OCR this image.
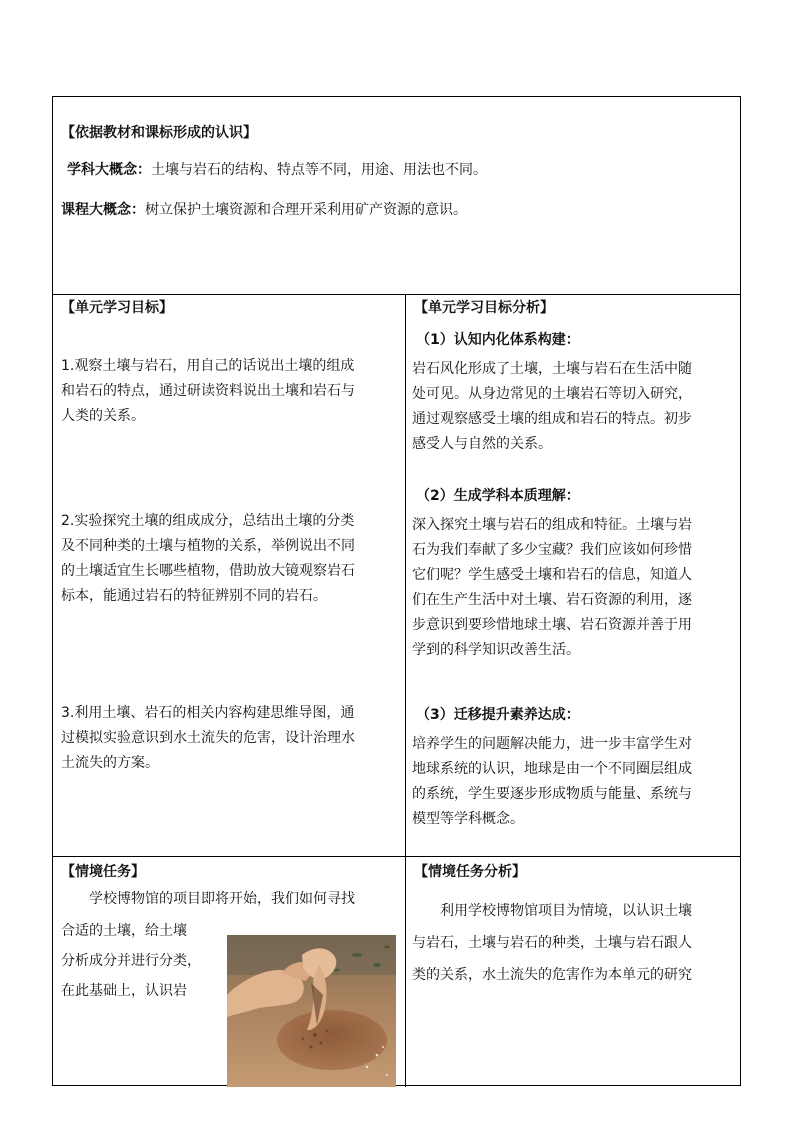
【依据教材和课标形成的认识】
学科大概念：土壤与岩石的结构、特点等不同，用途、用法也不同。
课程大概念：树立保护土壤资源和合理开采利用矿产资源的意识。
【单元学习目标】
1.观察土壤与岩石，用自己的话说出土壤的组成
和岩石的特点，通过研读资料说出土壤和岩石与
人类的关系。
2.实验探究土壤的组成成分，总结出土壤的分类
及不同种类的土壤与植物的关系，举例说出不同
的土壤适宜生长哪些植物，借助放大镜观察岩石
标本，能通过岩石的特征辨别不同的岩石。
3.利用土壤、岩石的相关内容构建思维导图，通
过模拟实验意识到水土流失的危害，设计治理水
土流失的方案。
【单元学习目标分析】
（1）认知内化体系构建：
岩石风化形成了土壤，土壤与岩石在生活中随
处可见。从身边常见的土壤岩石等切入研究，
通过观察感受土壤的组成和岩石的特点。初步
感受人与自然的关系。
（2）生成学科本质理解：
深入探究土壤与岩石的组成和特征。土壤与岩
石为我们奉献了多少宝藏？我们应该如何珍惜
它们呢？学生感受土壤和岩石的信息，知道人
们在生产生活中对土壤、岩石资源的利用，逐
步意识到要珍惜地球土壤、岩石资源并善于用
学到的科学知识改善生活。
（3）迁移提升素养达成：
培养学生的问题解决能力，进一步丰富学生对
地球系统的认识，地球是由一个不同圈层组成
的系统，学生要逐步形成物质与能量、系统与
模型等学科概念。
【情境任务】
学校博物馆的项目即将开始，我们如何寻找
合适的土壤，给土壤
分析成分并进行分类，
在此基础上，认识岩
【情境任务分析】
利用学校博物馆项目为情境，以认识土壤
与岩石，土壤与岩石的种类，土壤与岩石跟人
类的关系，水土流失的危害作为本单元的研究
